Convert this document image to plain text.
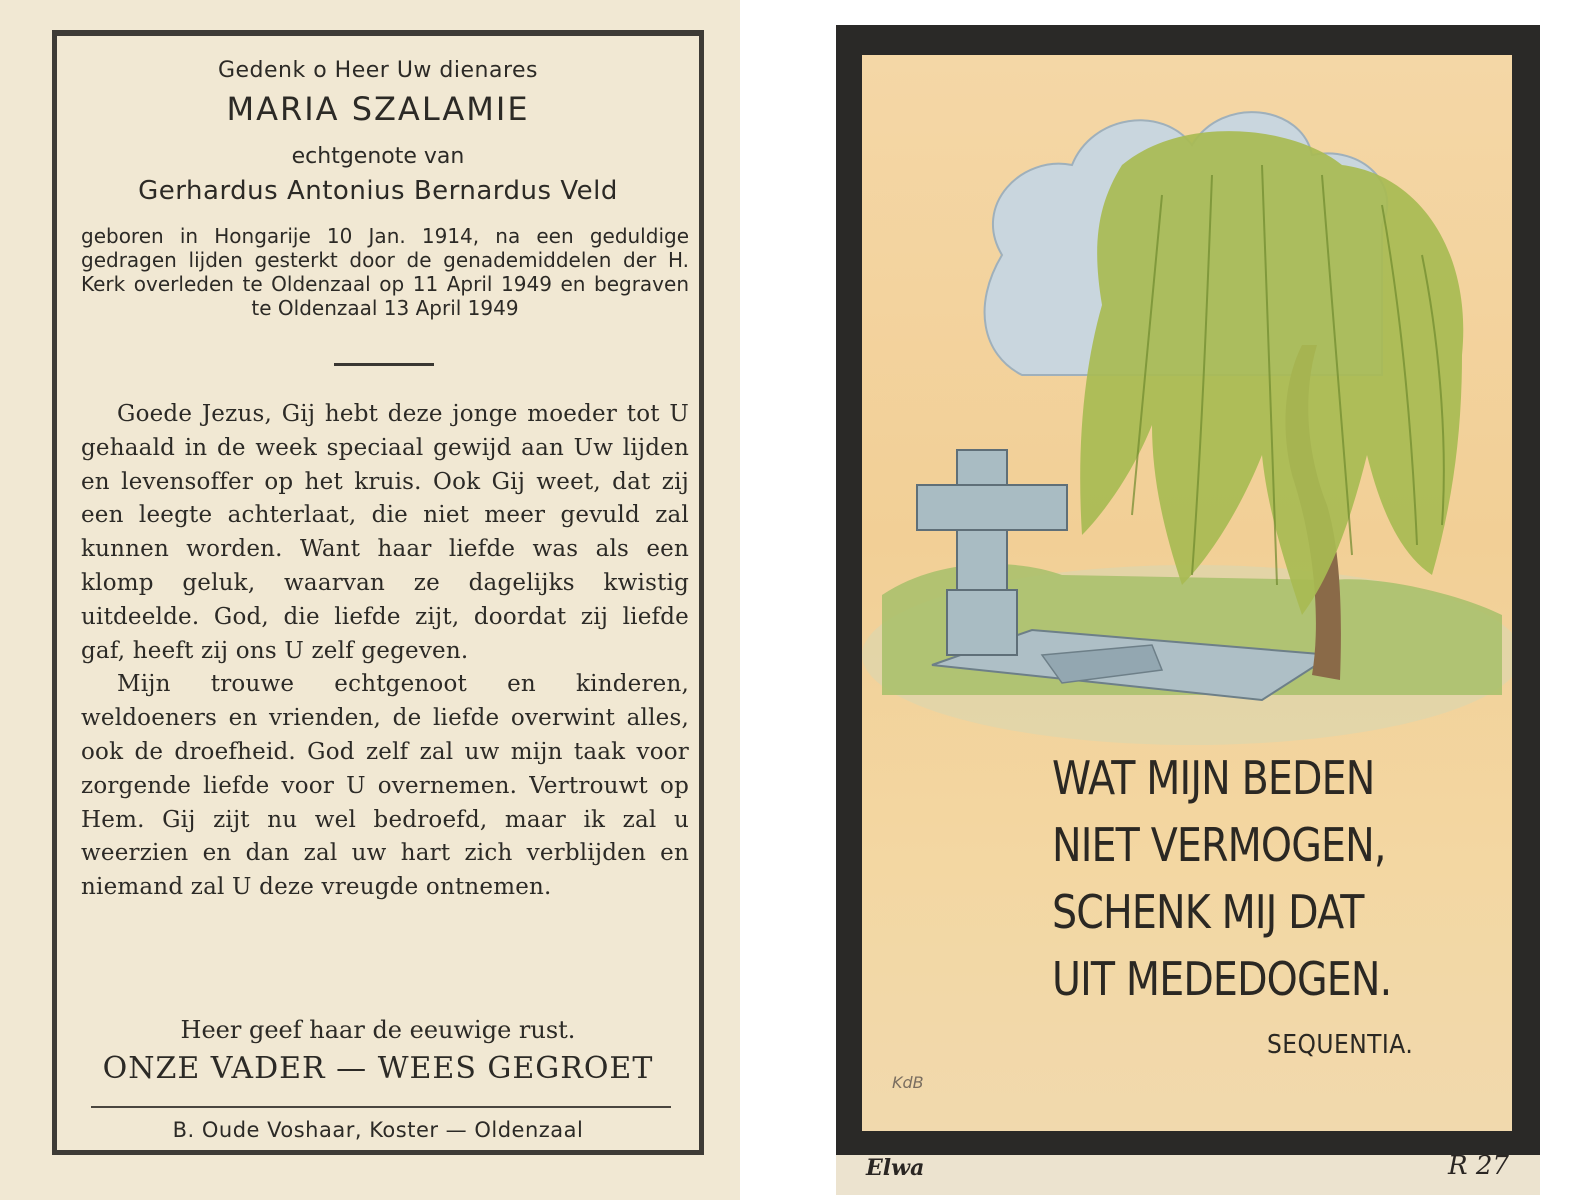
Gedenk o Heer Uw dienares

MARIA SZALAMIE

echtgenote van

Gerhardus Antonius Bernardus Veld

geboren in Hongarije 10 Jan. 1914, na een geduldige gedragen lijden gesterkt door de genademiddelen der H. Kerk overleden te Oldenzaal op 11 April 1949 en begraven te Oldenzaal 13 April 1949

Goede Jezus, Gij hebt deze jonge moeder tot U gehaald in de week speciaal gewijd aan Uw lijden en levensoffer op het kruis. Ook Gij weet, dat zij een leegte achterlaat, die niet meer gevuld zal kunnen worden. Want haar liefde was als een klomp geluk, waarvan ze dagelijks kwistig uitdeelde. God, die liefde zijt, doordat zij liefde gaf, heeft zij ons U zelf gegeven.
Mijn trouwe echtgenoot en kinderen, weldoeners en vrienden, de liefde overwint alles, ook de droefheid. God zelf zal uw mijn taak voor zorgende liefde voor U overnemen. Vertrouwt op Hem. Gij zijt nu wel bedroefd, maar ik zal u weerzien en dan zal uw hart zich verblijden en niemand zal U deze vreugde ontnemen.

Heer geef haar de eeuwige rust.

ONZE VADER — WEES GEGROET

B. Oude Voshaar, Koster — Oldenzaal

WAT MIJN BEDEN
NIET VERMOGEN,
SCHENK MIJ DAT
UIT MEDEDOGEN.

SEQUENTIA.
KdB
Elwa	R 27
